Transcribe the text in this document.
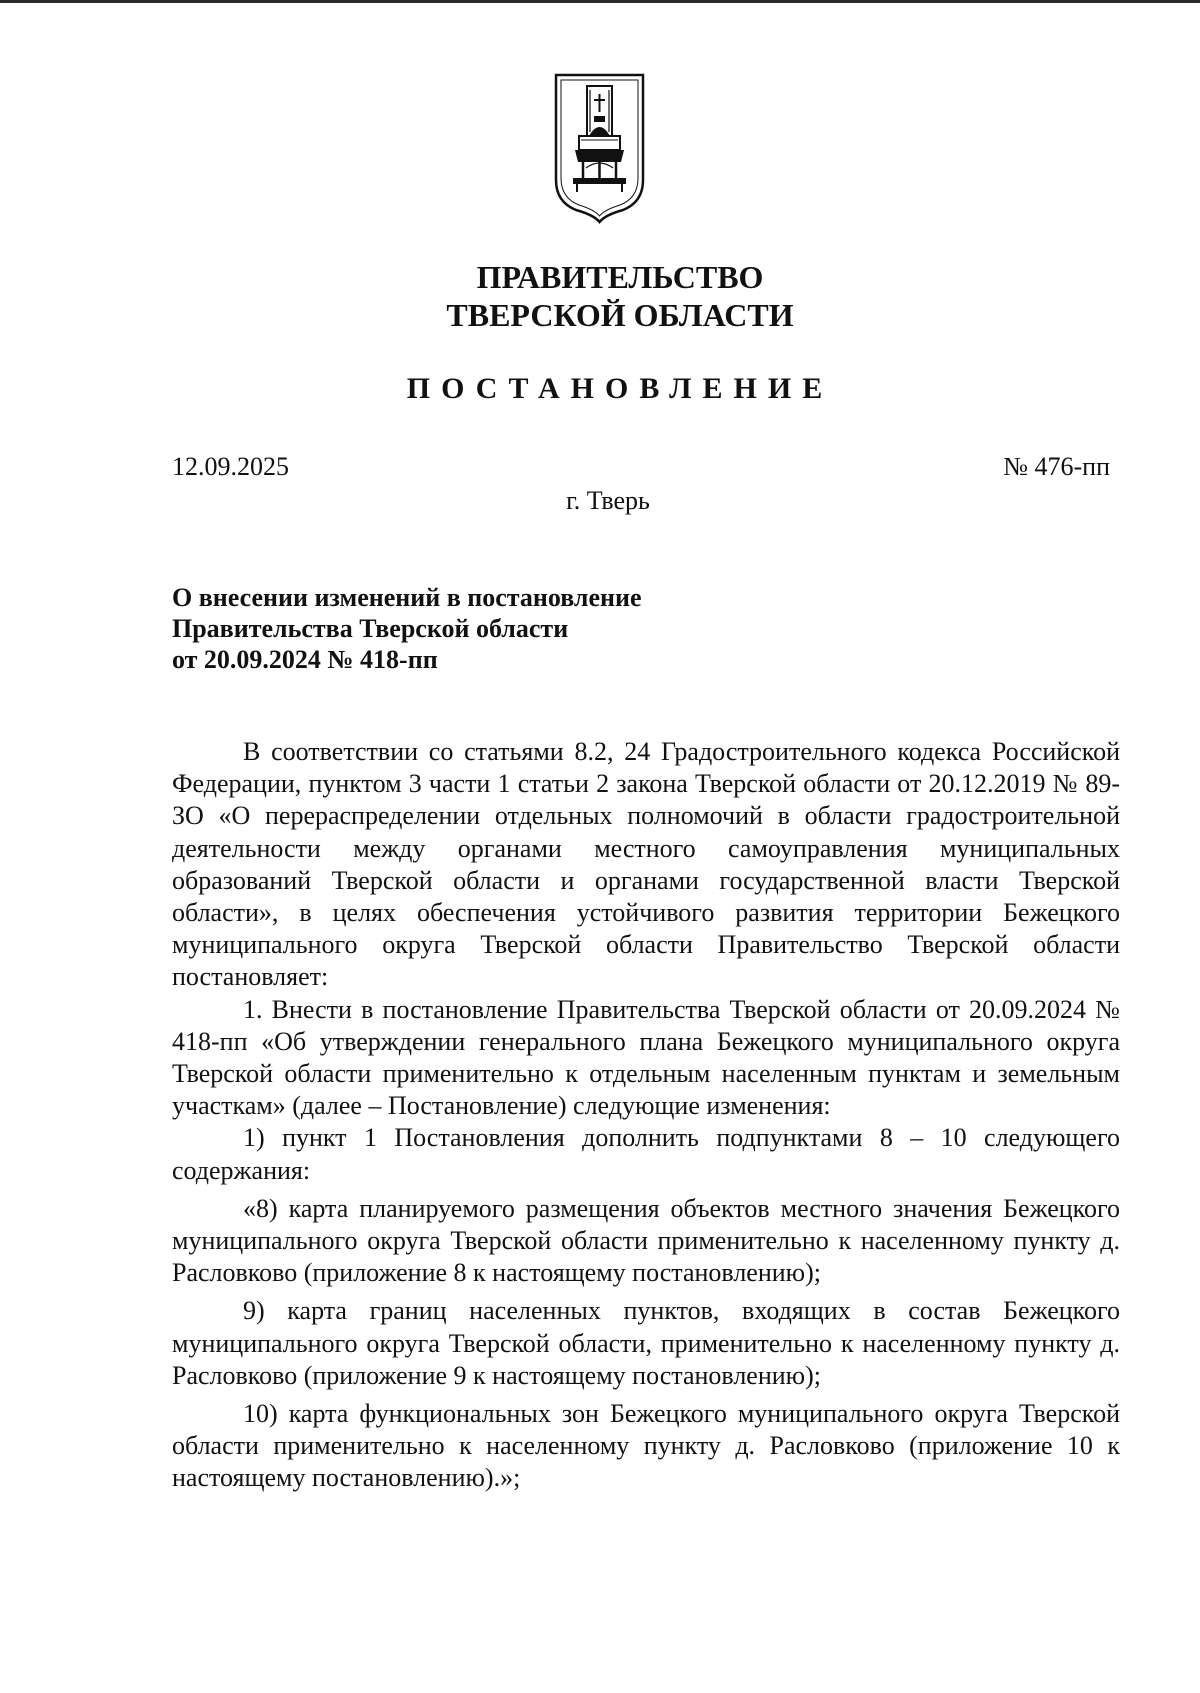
ПРАВИТЕЛЬСТВО
ТВЕРСКОЙ ОБЛАСТИ
ПОСТАНОВЛЕНИЕ
12.09.2025	№ 476-пп
г. Тверь
О внесении изменений в постановление
Правительства Тверской области
от 20.09.2024 № 418-пп

В соответствии со статьями 8.2, 24 Градостроительного кодекса Российской Федерации, пунктом 3 части 1 статьи 2 закона Тверской области от 20.12.2019 № 89-ЗО «О перераспределении отдельных полномочий в области градостроительной деятельности между органами местного самоуправления муниципальных образований Тверской области и органами государственной власти Тверской области», в целях обеспечения устойчивого развития территории Бежецкого муниципального округа Тверской области Правительство Тверской области постановляет:

1. Внести в постановление Правительства Тверской области от 20.09.2024 № 418-пп «Об утверждении генерального плана Бежецкого муниципального округа Тверской области применительно к отдельным населенным пунктам и земельным участкам» (далее – Постановление) следующие изменения:

1) пункт 1 Постановления дополнить подпунктами 8 – 10 следующего содержания:

«8) карта планируемого размещения объектов местного значения Бежецкого муниципального округа Тверской области применительно к населенному пункту д. Расловково (приложение 8 к настоящему постановлению);

9) карта границ населенных пунктов, входящих в состав Бежецкого муниципального округа Тверской области, применительно к населенному пункту д. Расловково (приложение 9 к настоящему постановлению);

10) карта функциональных зон Бежецкого муниципального округа Тверской области применительно к населенному пункту д. Расловково (приложение 10 к настоящему постановлению).»;
